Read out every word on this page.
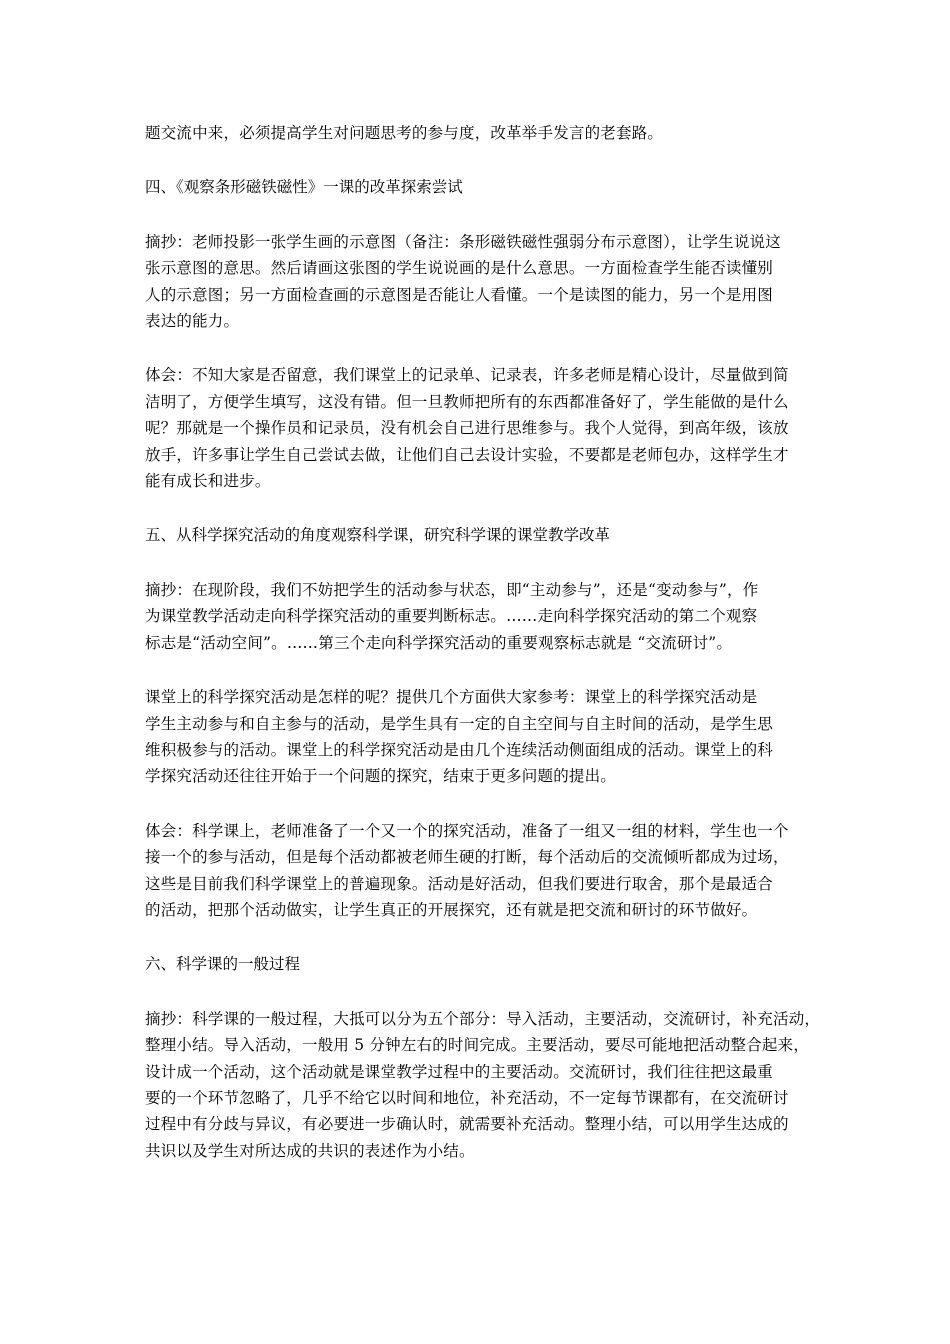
题交流中来，必须提高学生对问题思考的参与度，改革举手发言的老套路。

四、《观察条形磁铁磁性》一课的改革探索尝试

摘抄：老师投影一张学生画的示意图（备注：条形磁铁磁性强弱分布示意图），让学生说说这
张示意图的意思。然后请画这张图的学生说说画的是什么意思。一方面检查学生能否读懂别
人的示意图；另一方面检查画的示意图是否能让人看懂。一个是读图的能力，另一个是用图
表达的能力。

体会：不知大家是否留意，我们课堂上的记录单、记录表，许多老师是精心设计，尽量做到简
洁明了，方便学生填写，这没有错。但一旦教师把所有的东西都准备好了，学生能做的是什么
呢？那就是一个操作员和记录员，没有机会自己进行思维参与。我个人觉得，到高年级，该放
放手，许多事让学生自己尝试去做，让他们自己去设计实验，不要都是老师包办，这样学生才
能有成长和进步。

五、从科学探究活动的角度观察科学课，研究科学课的课堂教学改革

摘抄：在现阶段，我们不妨把学生的活动参与状态，即“主动参与”，还是“变动参与”，作
为课堂教学活动走向科学探究活动的重要判断标志。……走向科学探究活动的第二个观察
标志是“活动空间”。……第三个走向科学探究活动的重要观察标志就是 “交流研讨”。

课堂上的科学探究活动是怎样的呢？提供几个方面供大家参考：课堂上的科学探究活动是
学生主动参与和自主参与的活动，是学生具有一定的自主空间与自主时间的活动，是学生思
维积极参与的活动。课堂上的科学探究活动是由几个连续活动侧面组成的活动。课堂上的科
学探究活动还往往开始于一个问题的探究，结束于更多问题的提出。

体会：科学课上，老师准备了一个又一个的探究活动，准备了一组又一组的材料，学生也一个
接一个的参与活动，但是每个活动都被老师生硬的打断，每个活动后的交流倾听都成为过场，
这些是目前我们科学课堂上的普遍现象。活动是好活动，但我们要进行取舍，那个是最适合
的活动，把那个活动做实，让学生真正的开展探究，还有就是把交流和研讨的环节做好。

六、科学课的一般过程

摘抄：科学课的一般过程，大抵可以分为五个部分：导入活动，主要活动，交流研讨，补充活动，
整理小结。导入活动，一般用 5 分钟左右的时间完成。主要活动，要尽可能地把活动整合起来，
设计成一个活动，这个活动就是课堂教学过程中的主要活动。交流研讨，我们往往把这最重
要的一个环节忽略了，几乎不给它以时间和地位，补充活动，不一定每节课都有，在交流研讨
过程中有分歧与异议，有必要进一步确认时，就需要补充活动。整理小结，可以用学生达成的
共识以及学生对所达成的共识的表述作为小结。
